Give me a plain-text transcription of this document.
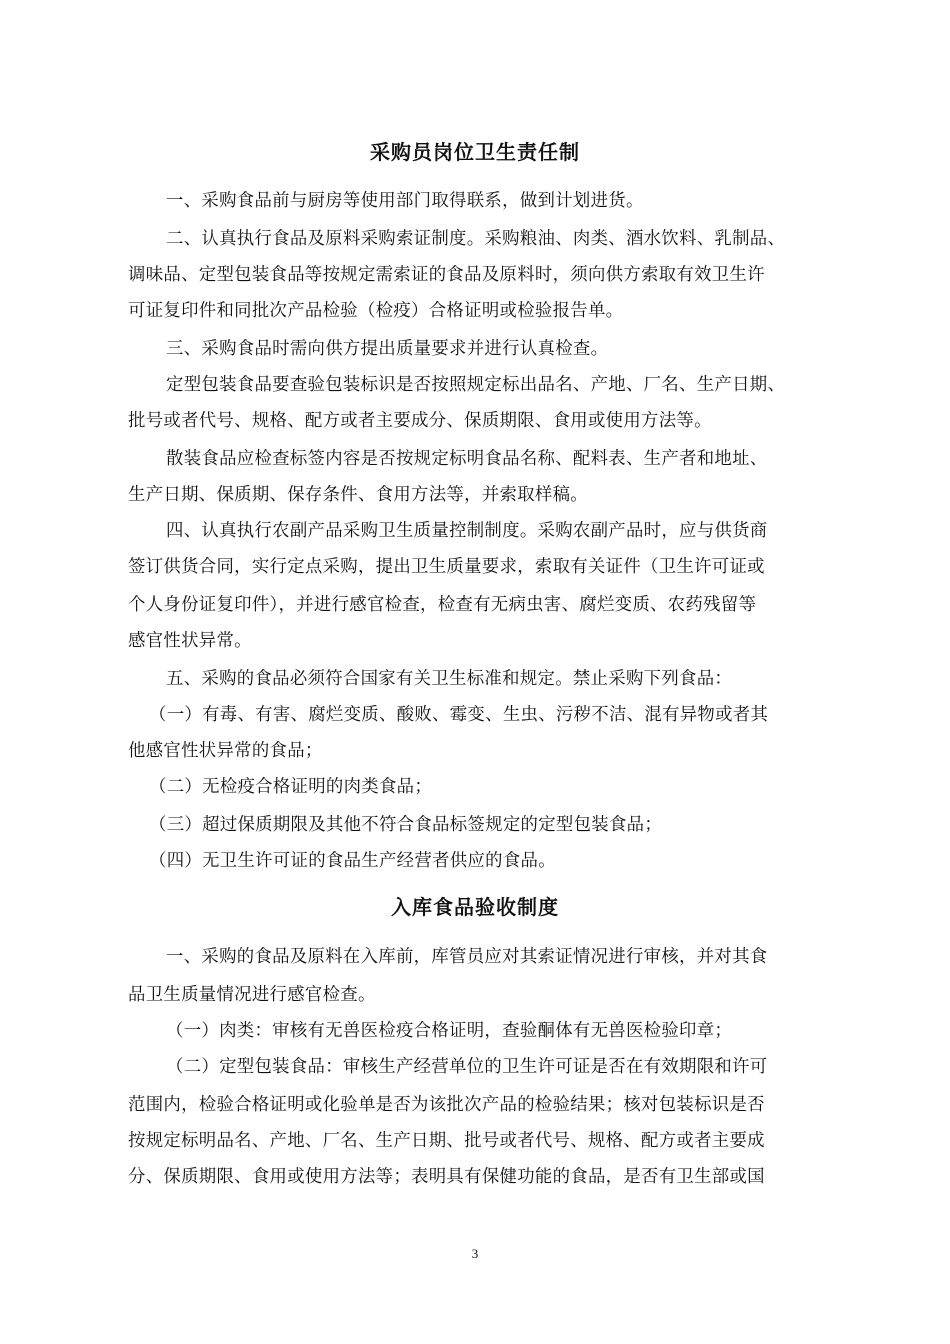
采购员岗位卫生责任制
一、采购食品前与厨房等使用部门取得联系，做到计划进货。
二、认真执行食品及原料采购索证制度。采购粮油、肉类、酒水饮料、乳制品、
调味品、定型包装食品等按规定需索证的食品及原料时，须向供方索取有效卫生许
可证复印件和同批次产品检验（检疫）合格证明或检验报告单。
三、采购食品时需向供方提出质量要求并进行认真检查。
定型包装食品要查验包装标识是否按照规定标出品名、产地、厂名、生产日期、
批号或者代号、规格、配方或者主要成分、保质期限、食用或使用方法等。
散装食品应检查标签内容是否按规定标明食品名称、配料表、生产者和地址、
生产日期、保质期、保存条件、食用方法等，并索取样稿。
四、认真执行农副产品采购卫生质量控制制度。采购农副产品时，应与供货商
签订供货合同，实行定点采购，提出卫生质量要求，索取有关证件（卫生许可证或
个人身份证复印件），并进行感官检查，检查有无病虫害、腐烂变质、农药残留等
感官性状异常。
五、采购的食品必须符合国家有关卫生标准和规定。禁止采购下列食品：
（一）有毒、有害、腐烂变质、酸败、霉变、生虫、污秽不洁、混有异物或者其
他感官性状异常的食品；
（二）无检疫合格证明的肉类食品；
（三）超过保质期限及其他不符合食品标签规定的定型包装食品；
（四）无卫生许可证的食品生产经营者供应的食品。
入库食品验收制度
一、采购的食品及原料在入库前，库管员应对其索证情况进行审核，并对其食
品卫生质量情况进行感官检查。
（一）肉类：审核有无兽医检疫合格证明，查验酮体有无兽医检验印章；
（二）定型包装食品：审核生产经营单位的卫生许可证是否在有效期限和许可
范围内，检验合格证明或化验单是否为该批次产品的检验结果；核对包装标识是否
按规定标明品名、产地、厂名、生产日期、批号或者代号、规格、配方或者主要成
分、保质期限、食用或使用方法等；表明具有保健功能的食品，是否有卫生部或国
3
